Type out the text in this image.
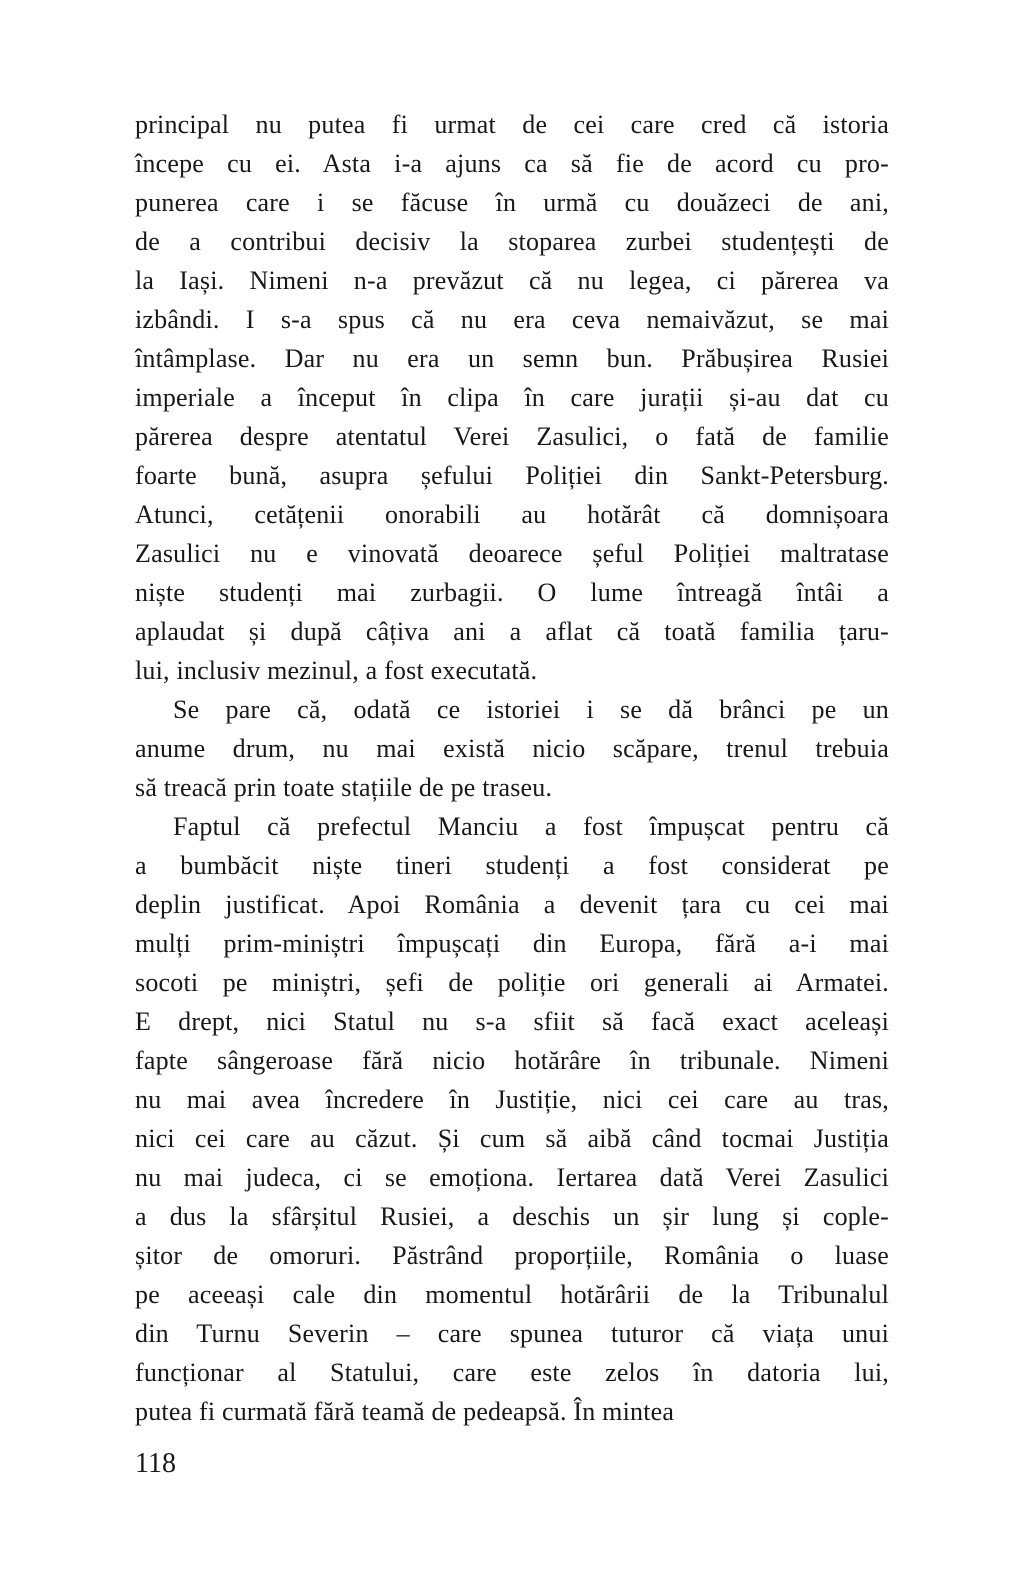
principal nu putea fi urmat de cei care cred că istoria
începe cu ei. Asta i-a ajuns ca să fie de acord cu pro-
punerea care i se făcuse în urmă cu douăzeci de ani,
de a contribui decisiv la stoparea zurbei studențești de
la Iași. Nimeni n-a prevăzut că nu legea, ci părerea va
izbândi. I s-a spus că nu era ceva nemaivăzut, se mai
întâmplase. Dar nu era un semn bun. Prăbușirea Rusiei
imperiale a început în clipa în care jurații și-au dat cu
părerea despre atentatul Verei Zasulici, o fată de familie
foarte bună, asupra șefului Poliției din Sankt-Petersburg.
Atunci, cetățenii onorabili au hotărât că domnișoara
Zasulici nu e vinovată deoarece șeful Poliției maltratase
niște studenți mai zurbagii. O lume întreagă întâi a
aplaudat și după câțiva ani a aflat că toată familia țaru-
lui, inclusiv mezinul, a fost executată.
Se pare că, odată ce istoriei i se dă brânci pe un
anume drum, nu mai există nicio scăpare, trenul trebuia
să treacă prin toate stațiile de pe traseu.
Faptul că prefectul Manciu a fost împușcat pentru că
a bumbăcit niște tineri studenți a fost considerat pe
deplin justificat. Apoi România a devenit țara cu cei mai
mulți prim-miniștri împușcați din Europa, fără a-i mai
socoti pe miniștri, șefi de poliție ori generali ai Armatei.
E drept, nici Statul nu s-a sfiit să facă exact aceleași
fapte sângeroase fără nicio hotărâre în tribunale. Nimeni
nu mai avea încredere în Justiție, nici cei care au tras,
nici cei care au căzut. Și cum să aibă când tocmai Justiția
nu mai judeca, ci se emoționa. Iertarea dată Verei Zasulici
a dus la sfârșitul Rusiei, a deschis un șir lung și cople-
șitor de omoruri. Păstrând proporțiile, România o luase
pe aceeași cale din momentul hotărârii de la Tribunalul
din Turnu Severin – care spunea tuturor că viața unui
funcționar al Statului, care este zelos în datoria lui,
putea fi curmată fără teamă de pedeapsă. În mintea
118
